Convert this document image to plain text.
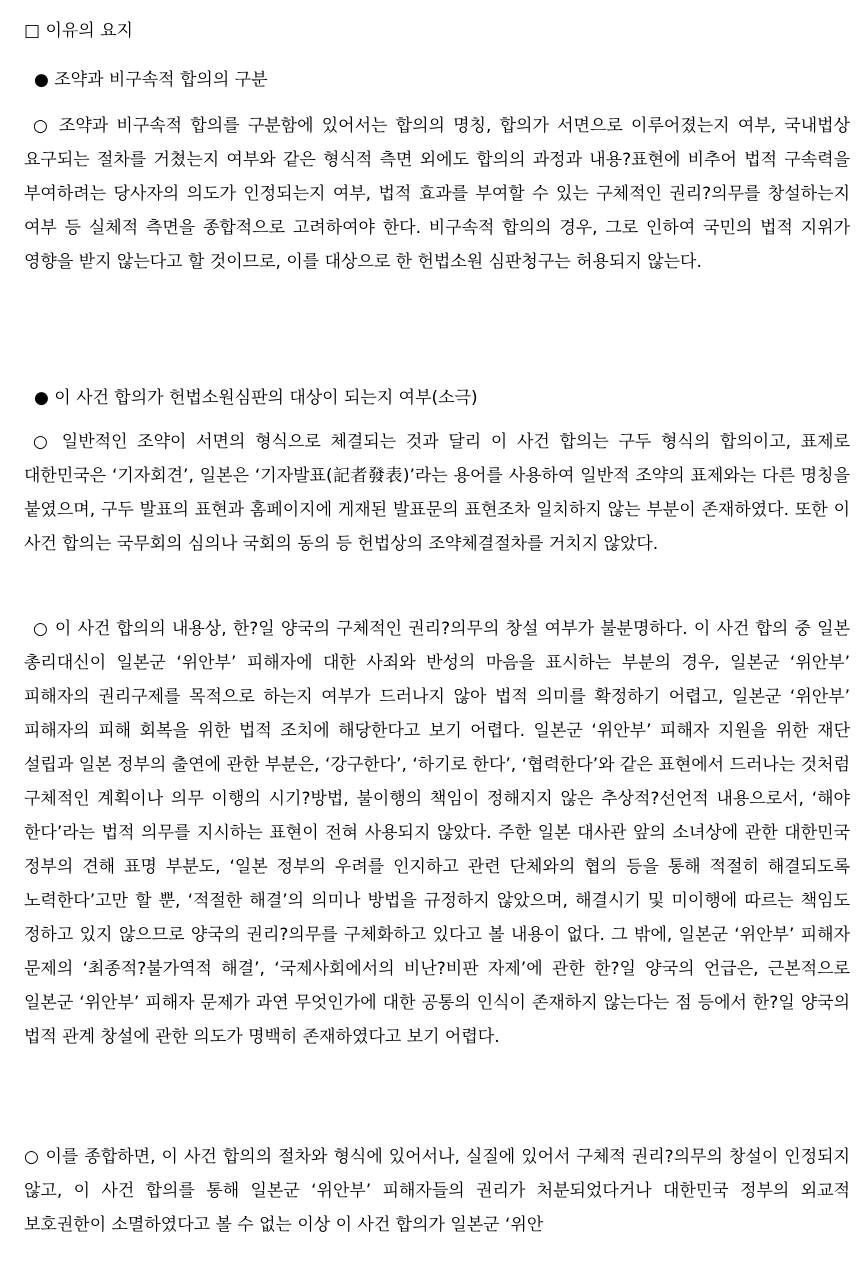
□ 이유의 요지
● 조약과 비구속적 합의의 구분
○ 조약과 비구속적 합의를 구분함에 있어서는 합의의 명칭, 합의가 서면으로 이루어졌는지 여부, 국내법상 요구되는 절차를 거쳤는지 여부와 같은 형식적 측면 외에도 합의의 과정과 내용?표현에 비추어 법적 구속력을 부여하려는 당사자의 의도가 인정되는지 여부, 법적 효과를 부여할 수 있는 구체적인 권리?의무를 창설하는지 여부 등 실체적 측면을 종합적으로 고려하여야 한다. 비구속적 합의의 경우, 그로 인하여 국민의 법적 지위가 영향을 받지 않는다고 할 것이므로, 이를 대상으로 한 헌법소원 심판청구는 허용되지 않는다.
● 이 사건 합의가 헌법소원심판의 대상이 되는지 여부(소극)
○ 일반적인 조약이 서면의 형식으로 체결되는 것과 달리 이 사건 합의는 구두 형식의 합의이고, 표제로 대한민국은 ‘기자회견’, 일본은 ‘기자발표(記者發表)’라는 용어를 사용하여 일반적 조약의 표제와는 다른 명칭을 붙였으며, 구두 발표의 표현과 홈페이지에 게재된 발표문의 표현조차 일치하지 않는 부분이 존재하였다. 또한 이 사건 합의는 국무회의 심의나 국회의 동의 등 헌법상의 조약체결절차를 거치지 않았다.
○ 이 사건 합의의 내용상, 한?일 양국의 구체적인 권리?의무의 창설 여부가 불분명하다. 이 사건 합의 중 일본 총리대신이 일본군 ‘위안부’ 피해자에 대한 사죄와 반성의 마음을 표시하는 부분의 경우, 일본군 ‘위안부’ 피해자의 권리구제를 목적으로 하는지 여부가 드러나지 않아 법적 의미를 확정하기 어렵고, 일본군 ‘위안부’ 피해자의 피해 회복을 위한 법적 조치에 해당한다고 보기 어렵다. 일본군 ‘위안부’ 피해자 지원을 위한 재단 설립과 일본 정부의 출연에 관한 부분은, ‘강구한다’, ‘하기로 한다’, ‘협력한다’와 같은 표현에서 드러나는 것처럼 구체적인 계획이나 의무 이행의 시기?방법, 불이행의 책임이 정해지지 않은 추상적?선언적 내용으로서, ‘해야 한다’라는 법적 의무를 지시하는 표현이 전혀 사용되지 않았다. 주한 일본 대사관 앞의 소녀상에 관한 대한민국 정부의 견해 표명 부분도, ‘일본 정부의 우려를 인지하고 관련 단체와의 협의 등을 통해 적절히 해결되도록 노력한다’고만 할 뿐, ‘적절한 해결’의 의미나 방법을 규정하지 않았으며, 해결시기 및 미이행에 따르는 책임도 정하고 있지 않으므로 양국의 권리?의무를 구체화하고 있다고 볼 내용이 없다. 그 밖에, 일본군 ‘위안부’ 피해자 문제의 ‘최종적?불가역적 해결’, ‘국제사회에서의 비난?비판 자제’에 관한 한?일 양국의 언급은, 근본적으로 일본군 ‘위안부’ 피해자 문제가 과연 무엇인가에 대한 공통의 인식이 존재하지 않는다는 점 등에서 한?일 양국의 법적 관계 창설에 관한 의도가 명백히 존재하였다고 보기 어렵다.
○ 이를 종합하면, 이 사건 합의의 절차와 형식에 있어서나, 실질에 있어서 구체적 권리?의무의 창설이 인정되지 않고, 이 사건 합의를 통해 일본군 ‘위안부’ 피해자들의 권리가 처분되었다거나 대한민국 정부의 외교적 보호권한이 소멸하였다고 볼 수 없는 이상 이 사건 합의가 일본군 ‘위안
